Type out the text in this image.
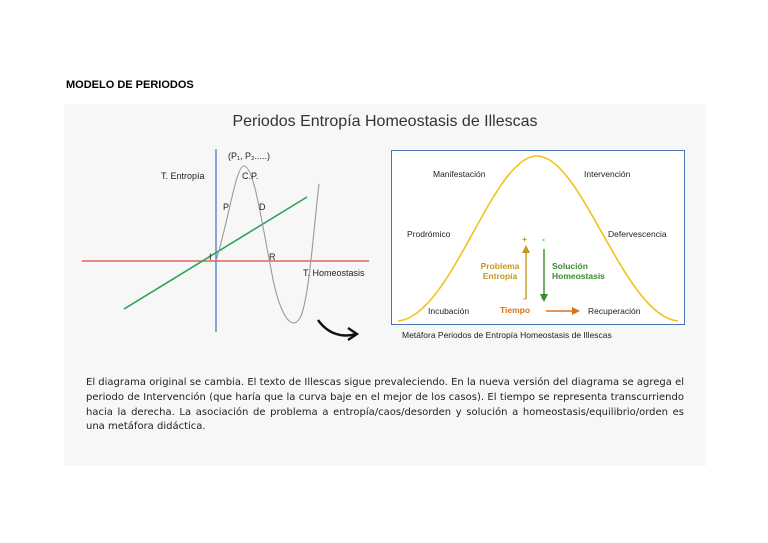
MODELO DE PERIODOS
Periodos Entropía Homeostasis de Illescas
(P₁, P₂.....)
T. Entropía	C.P.
P	D
I	R
T. Homeostasis
Manifestación	Intervención
Prodrómico	Defervescencia
Incubación	Recuperación
+ -
- +
Problema
Entropía
Solución
Homeostasis
Tiempo
Metáfora Periodos de Entropía Homeostasis de Illescas
El diagrama original se cambia. El texto de Illescas sigue prevaleciendo. En la nueva versión del diagrama se agrega el periodo de Intervención (que haría que la curva baje en el mejor de los casos). El tiempo se representa transcurriendo hacia la derecha. La asociación de problema a entropía/caos/desorden y solución a homeostasis/equilibrio/orden es una metáfora didáctica.
